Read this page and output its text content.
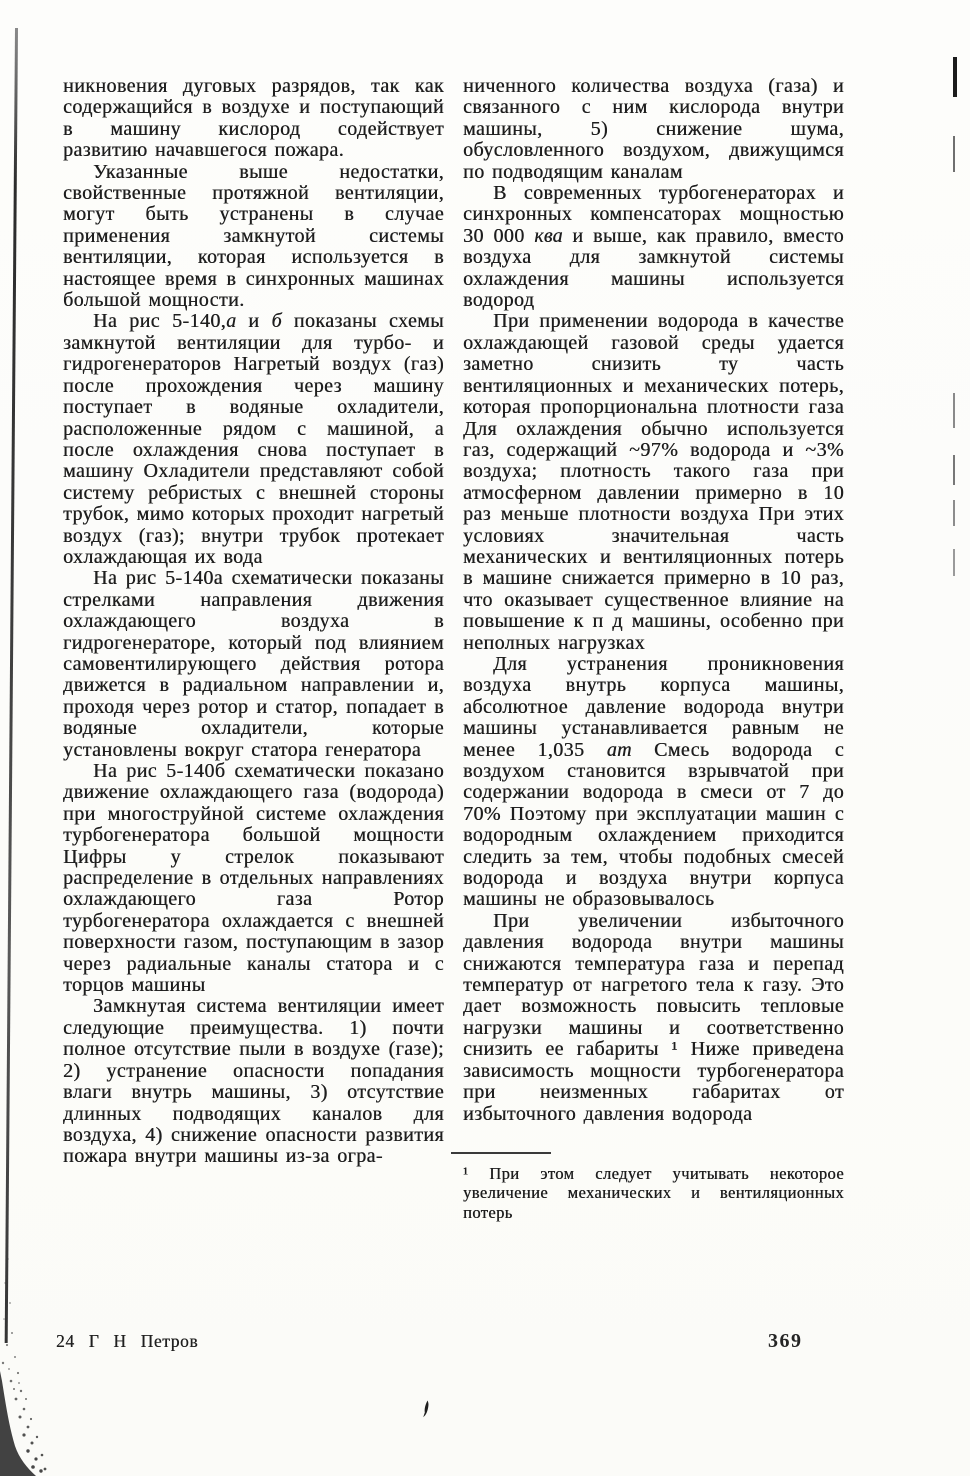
никновения дуговых разрядов, так как содержащийся в воздухе и поступающий в машину кислород содействует развитию начавшегося пожара.

Указанные выше недостатки, свойственные протяжной вентиляции, могут быть устранены в случае применения замкнутой системы вентиляции, которая используется в настоящее время в синхронных машинах большой мощности.

На рис 5-140,а и б показаны схемы замкнутой вентиляции для турбо- и гидрогенераторов Нагретый воздух (газ) после прохождения через машину поступает в водяные охладители, расположенные рядом с машиной, а после охлаждения снова поступает в машину Охладители представляют собой систему ребристых с внешней стороны трубок, мимо которых проходит нагретый воздух (газ); внутри трубок протекает охлаждающая их вода

На рис 5-140а схематически показаны стрелками направления движения охлаждающего воздуха в гидрогенераторе, который под влиянием самовентилирующего действия ротора движется в радиальном направлении и, проходя через ротор и статор, попадает в водяные охладители, которые установлены вокруг статора генератора

На рис 5-140б схематически показано движение охлаждающего газа (водорода) при многоструйной системе охлаждения турбогенератора большой мощности Цифры у стрелок показывают распределение в отдельных направлениях охлаждающего газа Ротор турбогенератора охлаждается с внешней поверхности газом, поступающим в зазор через радиальные каналы статора и с торцов машины

Замкнутая система вентиляции имеет следующие преимущества. 1) почти полное отсутствие пыли в воздухе (газе); 2) устранение опасности попадания влаги внутрь машины, 3) отсутствие длинных подводящих каналов для воздуха, 4) снижение опасности развития пожара внутри машины из-за огра-

ниченного количества воздуха (газа) и связанного с ним кислорода внутри машины, 5) снижение шума, обусловленного воздухом, движущимся по подводящим каналам

В современных турбогенераторах и синхронных компенсаторах мощностью 30 000 ква и выше, как правило, вместо воздуха для замкнутой системы охлаждения машины используется водород

При применении водорода в качестве охлаждающей газовой среды удается заметно снизить ту часть вентиляционных и механических потерь, которая пропорциональна плотности газа Для охлаждения обычно используется газ, содержащий ~97% водорода и ~3% воздуха; плотность такого газа при атмосферном давлении примерно в 10 раз меньше плотности воздуха При этих условиях значительная часть механических и вентиляционных потерь в машине снижается примерно в 10 раз, что оказывает существенное влияние на повышение к п д машины, особенно при неполных нагрузках

Для устранения проникновения воздуха внутрь корпуса машины, абсолютное давление водорода внутри машины устанавливается равным не менее 1,035 ат Смесь водорода с воздухом становится взрывчатой при содержании водорода в смеси от 7 до 70% Поэтому при эксплуатации машин с водородным охлаждением приходится следить за тем, чтобы подобных смесей водорода и воздуха внутри корпуса машины не образовывалось

При увеличении избыточного давления водорода внутри машины снижаются температура газа и перепад температур от нагретого тела к газу. Это дает возможность повысить тепловые нагрузки машины и соответственно снизить ее габариты ¹ Ниже приведена зависимость мощности турбогенератора при неизменных габаритах от избыточного давления водорода

¹ При этом следует учитывать некоторое увеличение механических и вентиляционных потерь

24 Г Н Петров	369
